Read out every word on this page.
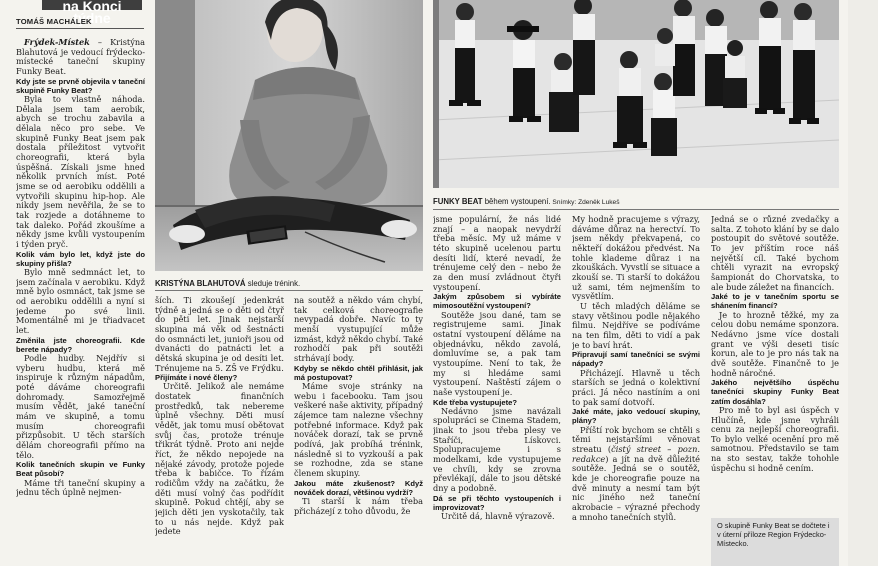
na Konci týdne
TOMÁŠ MACHÁLEK

Frýdek-Místek – Kristýna Blahutová je vedoucí frýdecko-místecké taneční skupiny Funky Beat.

Kdy jste se prvně objevila v taneční skupině Funky Beat?

Byla to vlastně náhoda. Dělala jsem tam aerobik, abych se trochu zabavila a dělala něco pro sebe. Ve skupině Funky Beat jsem pak dostala příležitost vytvořit choreografii, která byla úspěšná. Získali jsme hned několik prvních míst. Poté jsme se od aerobiku oddělili a vytvořili skupinu hip-hop. Ale nikdy jsem nevěřila, že se to tak rozjede a dotáhneme to tak daleko. Pořád zkoušíme a někdy jsme kvůli vystoupením i týden pryč.

Kolik vám bylo let, když jste do skupiny přišla?

Bylo mně sedmnáct let, to jsem začínala v aerobiku. Když mně bylo osmnáct, tak jsme se od aerobiku oddělili a nyní si jedeme po své linii. Momentálně mi je třiadvacet let.

Změnila jste choreografii. Kde berete nápady?

Podle hudby. Nejdřív si vyberu hudbu, která mě inspiruje k různým nápadům, poté dáváme choreografii dohromady. Samozřejmě musím vědět, jaké taneční mám ve skupině, a tomu musím choreografii přizpůsobit. U těch starších dělám choreografii přímo na tělo.

Kolik tanečních skupin ve Funky Beat působí?

Máme tři taneční skupiny a jednu těch úplně nejmen-

KRISTÝNA BLAHUTOVÁ sleduje trénink.
FUNKY BEAT během vystoupení. Snímky: Zdeněk Lukeš

ších. Ti zkoušejí jedenkrát týdně a jedná se o děti od čtyř do pěti let. Jinak nejstarší skupina má věk od šestnácti do osmnácti let, junioři jsou od dvanácti do patnácti let a dětská skupina je od desíti let. Trénujeme na 5. ZŠ ve Frýdku.

Přijímáte i nové členy?

Určitě. Jelikož ale nemáme dostatek finančních prostředků, tak nebereme úplně všechny. Děti musí vědět, jak tomu musí obětovat svůj čas, protože trénuje třikrát týdně. Proto ani nejde říct, že někdo nepojede na nějaké závody, protože pojede třeba k babičce. To řízám rodičům vždy na začátku, že děti musí volný čas podřídit skupině. Pokud chtějí, aby se jejich děti jen vyskotačily, tak to u nás nejde. Když pak jedete

na soutěž a někdo vám chybí, tak celková choreografie nevypadá dobře. Navíc to ty menší vystupující může izmást, když někdo chybí. Také rozhodčí pak při soutěži strhávají body.

Kdyby se někdo chtěl přihlásit, jak má postupovat?

Máme svoje stránky na webu i facebooku. Tam jsou veškeré naše aktivity, případný zájemce tam nalezne všechny potřebné informace. Když pak nováček dorazí, tak se prvně podívá, jak probíhá trénink, následně si to vyzkouší a pak se rozhodne, zda se stane členem skupiny.

Jakou máte zkušenost? Když nováček dorazí, většinou vydrží?

Ti starší k nám třeba přicházejí z toho důvodu, že

jsme populární, že nás lidé znají – a naopak nevydrží třeba měsíc. My už máme v této skupině ucelenou partu desíti lidí, které nevadí, že trénujeme celý den – nebo že za den musí zvládnout čtyři vystoupení.

Jakým způsobem si vybíráte mimosoutěžní vystoupení?

Soutěže jsou dané, tam se registrujeme sami. Jinak ostatní vystoupení děláme na objednávku, někdo zavolá, domluvíme se, a pak tam vystoupíme. Není to tak, že my si hledáme sami vystoupení. Naštěstí zájem o naše vystoupení je.

Kde třeba vystupujete?

Nedávno jsme navázali spolupráci se Cinema Stadem, jinak to jsou třeba plesy ve Staříči, Lískovci. Spolupracujeme i s modelkami, kde vystupujeme ve chvíli, kdy se zrovna převlékají, dále to jsou dětské dny a podobně.

Dá se při těchto vystoupeních i improvizovat?

Určitě dá, hlavně výrazově.

My hodně pracujeme s výrazy, dáváme důraz na herectví. To jsem někdy překvapená, co někteří dokážou předvést. Na tohle klademe důraz i na zkouškách. Vyvstlí se situace a zkouší se. Ti starší to dokážou už sami, tém nejmenším to vysvětlím.

U těch mladých děláme se stavy většinou podle nějakého filmu. Nejdříve se podíváme na ten film, děti to vidí a pak je to baví hrát.

Připravují samí tanečníci se svými nápady?

Přicházejí. Hlavně u těch starších se jedná o kolektivní práci. Já něco nastíním a oni to pak samí dotvoří.

Jaké máte, jako vedoucí skupiny, plány?

Příští rok bychom se chtěli s těmi nejstaršími věnovat streatu (čistý street – pozn. redakce) a jít na dvě důležité soutěže. Jedná se o soutěž, kde je choreografie pouze na dvě minuty a nesmí tam být nic jiného než taneční akrobacie – výrazné přechody a mnoho tanečních stylů.

Jedná se o různé zvedačky a salta. Z tohoto klání by se dalo postoupit do světové soutěže. To jev příštím roce náš největší cíl. Také bychom chtěli vyrazit na evropský šampionát do Chorvatska, to ale bude záležet na financích.

Jaké to je v tanečním sportu se shánením financí?

Je to hrozně těžké, my za celou dobu nemáme sponzora. Nedávno jsme více dostali grant ve výši deseti tisíc korun, ale to je pro nás tak na dvě soutěže. Finančně to je hodně náročné.

Jakého největšího úspěchu tanečníci skupiny Funky Beat zatím dosáhla?

Pro mě to byl asi úspěch v Hlučíně, kde jsme vyhráli cenu za nejlepší choreografii. To bylo velké ocenění pro mě samotnou. Představilo se tam na sto sestav, takže tohohle úspěchu si hodně cením.

O skupině Funky Beat se dočtete i v úterní příloze Region Frýdecko-Místecko.
